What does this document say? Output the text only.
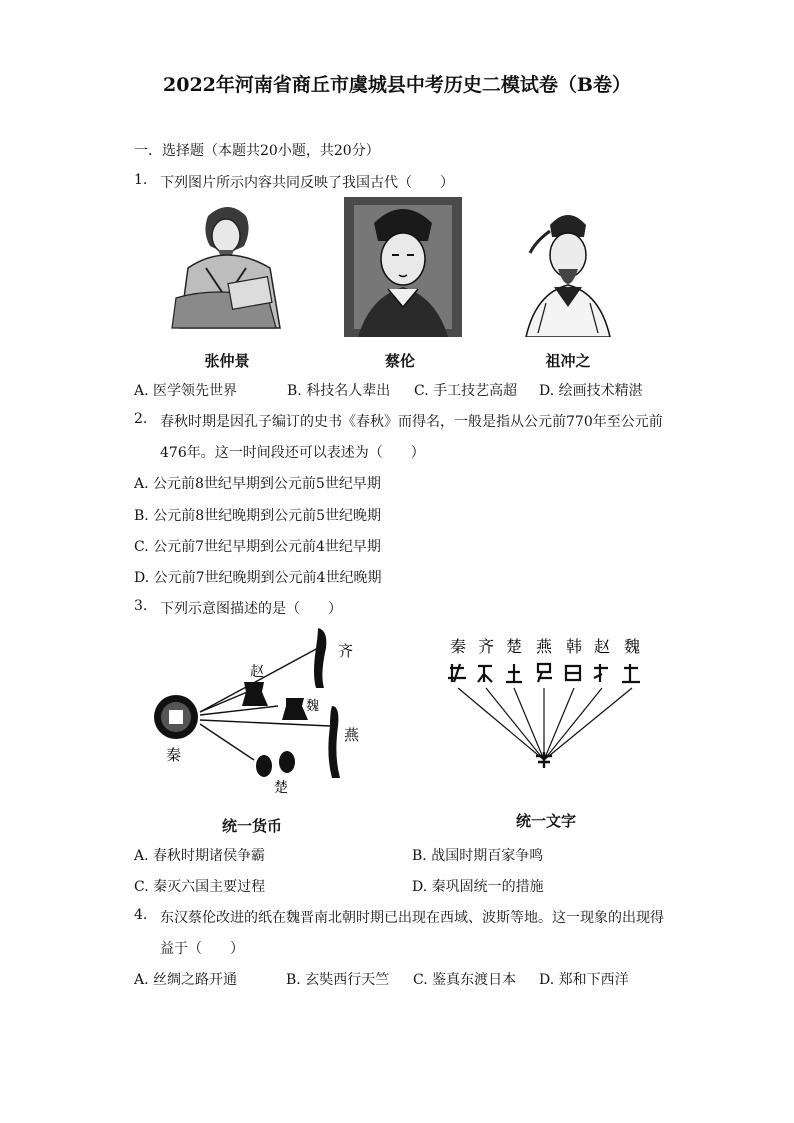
2022年河南省商丘市虞城县中考历史二模试卷（B卷）
一．选择题（本题共20小题，共20分）
1. 下列图片所示内容共同反映了我国古代（　　）
张仲景	蔡伦	祖冲之
A. 医学领先世界	B. 科技名人辈出 C. 手工技艺高超 D. 绘画技术精湛
2. 春秋时期是因孔子编订的史书《春秋》而得名，一般是指从公元前770年至公元前
476年。这一时间段还可以表述为（　　）
A. 公元前8世纪早期到公元前5世纪早期
B. 公元前8世纪晚期到公元前5世纪晚期
C. 公元前7世纪早期到公元前4世纪早期
D. 公元前7世纪晚期到公元前4世纪晚期
3. 下列示意图描述的是（　　）
齐
赵
魏
燕
秦
楚
统一货币
秦 齐 楚 燕 韩 赵 魏
统一文字
A. 春秋时期诸侯争霸	B. 战国时期百家争鸣
C. 秦灭六国主要过程	D. 秦巩固统一的措施
4. 东汉蔡伦改进的纸在魏晋南北朝时期已出现在西域、波斯等地。这一现象的出现得
益于（　　）
A. 丝绸之路开通	B. 玄奘西行天竺 C. 鉴真东渡日本 D. 郑和下西洋
